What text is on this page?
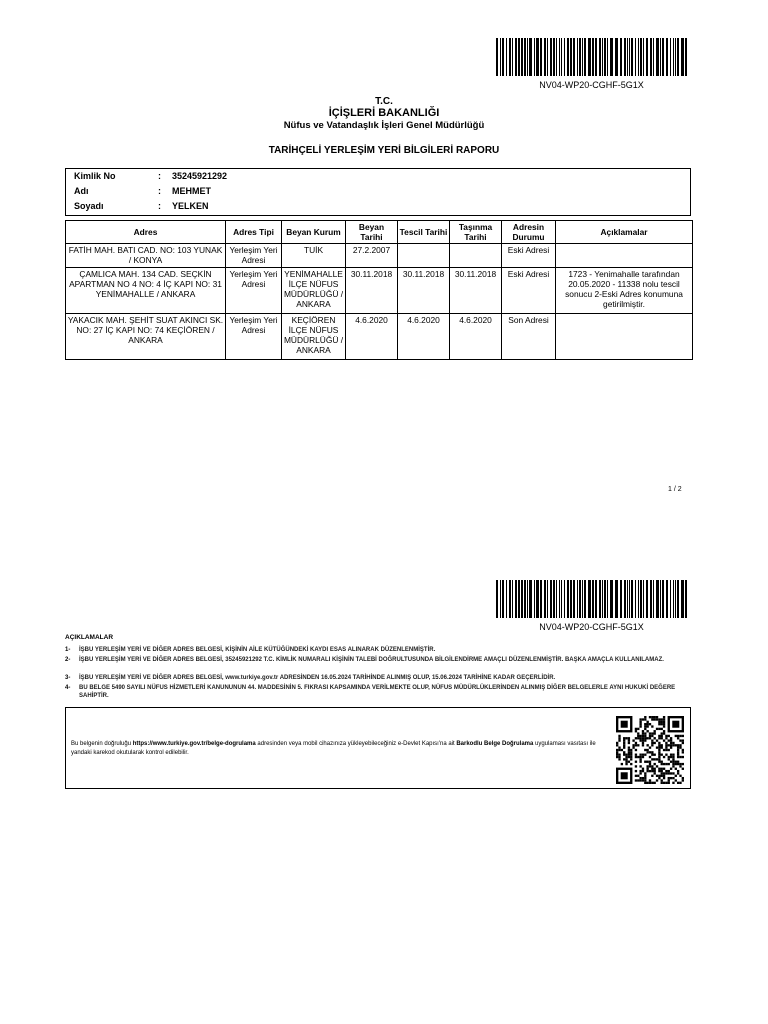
NV04-WP20-CGHF-5G1X
T.C.
İÇİŞLERİ BAKANLIĞI
Nüfus ve Vatandaşlık İşleri Genel Müdürlüğü
TARİHÇELİ YERLEŞİM YERİ BİLGİLERİ RAPORU
Kimlik No	: 35245921292
Adı	: MEHMET
Soyadı	: YELKEN
Adres	Adres Tipi	Beyan Kurum	Beyan Tarihi	Tescil Tarihi	Taşınma Tarihi	Adresin Durumu	Açıklamalar
FATİH MAH. BATI CAD. NO: 103 YUNAK / KONYA	Yerleşim Yeri Adresi	TUİK	27.2.2007			Eski Adresi	
ÇAMLICA MAH. 134 CAD. SEÇKİN APARTMAN NO 4 NO: 4 İÇ KAPI NO: 31 YENİMAHALLE / ANKARA	Yerleşim Yeri Adresi	YENİMAHALLE İLÇE NÜFUS MÜDÜRLÜĞÜ / ANKARA	30.11.2018	30.11.2018	30.11.2018	Eski Adresi	1723 - Yenimahalle tarafından 20.05.2020 - 11338 nolu tescil sonucu 2-Eski Adres konumuna getirilmiştir.
YAKACIK MAH. ŞEHİT SUAT AKINCI SK. NO: 27 İÇ KAPI NO: 74 KEÇİÖREN / ANKARA	Yerleşim Yeri Adresi	KEÇİÖREN İLÇE NÜFUS MÜDÜRLÜĞÜ / ANKARA	4.6.2020	4.6.2020	4.6.2020	Son Adresi	
1 / 2
NV04-WP20-CGHF-5G1X
AÇIKLAMALAR
1- İŞBU YERLEŞİM YERİ VE DİĞER ADRES BELGESİ, KİŞİNİN AİLE KÜTÜĞÜNDEKİ KAYDI ESAS ALINARAK DÜZENLENMİŞTİR.
2- İŞBU YERLEŞİM YERİ VE DİĞER ADRES BELGESİ, 35245921292 T.C. KİMLİK NUMARALI KİŞİNİN TALEBİ DOĞRULTUSUNDA BİLGİLENDİRME AMAÇLI DÜZENLENMİŞTİR. BAŞKA AMAÇLA KULLANILAMAZ.
3- İŞBU YERLEŞİM YERİ VE DİĞER ADRES BELGESİ, www.turkiye.gov.tr ADRESİNDEN 16.05.2024 TARİHİNDE ALINMIŞ OLUP, 15.06.2024 TARİHİNE KADAR GEÇERLİDİR.
4- BU BELGE 5490 SAYILI NÜFUS HİZMETLERİ KANUNUNUN 44. MADDESİNİN 5. FIKRASI KAPSAMINDA VERİLMEKTE OLUP, NÜFUS MÜDÜRLÜKLERİNDEN ALINMIŞ DİĞER BELGELERLE AYNI HUKUKİ DEĞERE SAHİPTİR.
Bu belgenin doğruluğu https://www.turkiye.gov.tr/belge-dogrulama adresinden veya mobil cihazınıza yükleyebileceğiniz e-Devlet Kapısı'na ait Barkodlu Belge Doğrulama uygulaması vasıtası ile yandaki karekod okutularak kontrol edilebilir.
